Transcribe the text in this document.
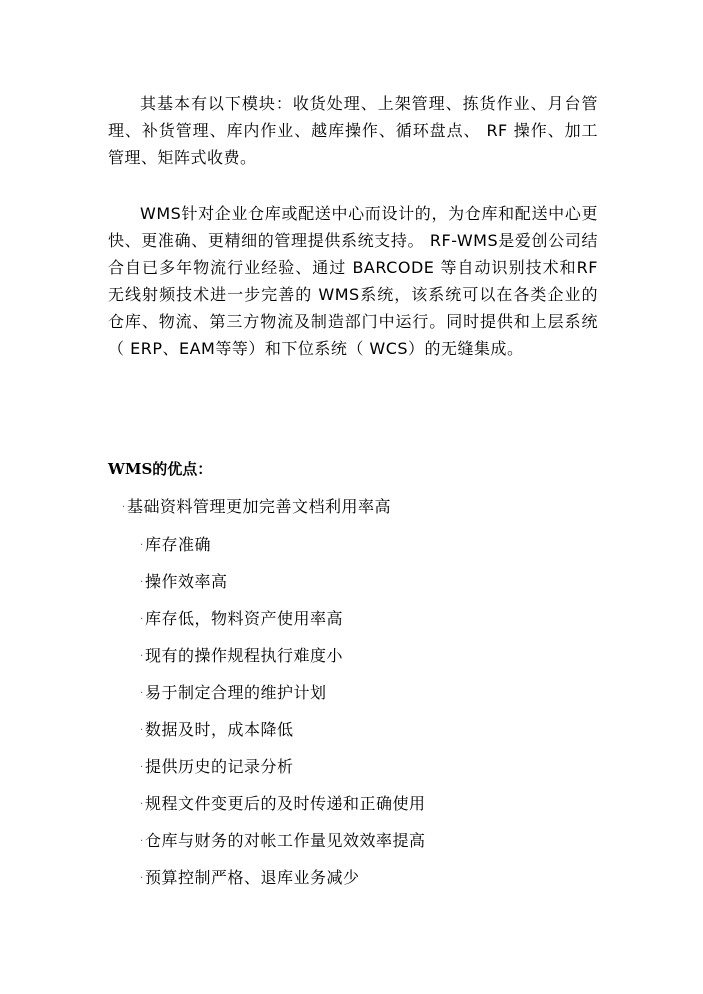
其基本有以下模块：收货处理、上架管理、拣货作业、月台管理、补货管理、库内作业、越库操作、循环盘点、 RF 操作、加工管理、矩阵式收费。

WMS针对企业仓库或配送中心而设计的，为仓库和配送中心更快、更准确、更精细的管理提供系统支持。 RF-WMS是爱创公司结合自已多年物流行业经验、通过 BARCODE 等自动识别技术和RF无线射频技术进一步完善的 WMS系统，该系统可以在各类企业的仓库、物流、第三方物流及制造部门中运行。同时提供和上层系统（ ERP、EAM等等）和下位系统（ WCS）的无缝集成。

WMS的优点：

·基础资料管理更加完善文档利用率高

·库存准确
·操作效率高
·库存低，物料资产使用率高
·现有的操作规程执行难度小
·易于制定合理的维护计划
·数据及时，成本降低
·提供历史的记录分析
·规程文件变更后的及时传递和正确使用
·仓库与财务的对帐工作量见效效率提高
·预算控制严格、退库业务减少
